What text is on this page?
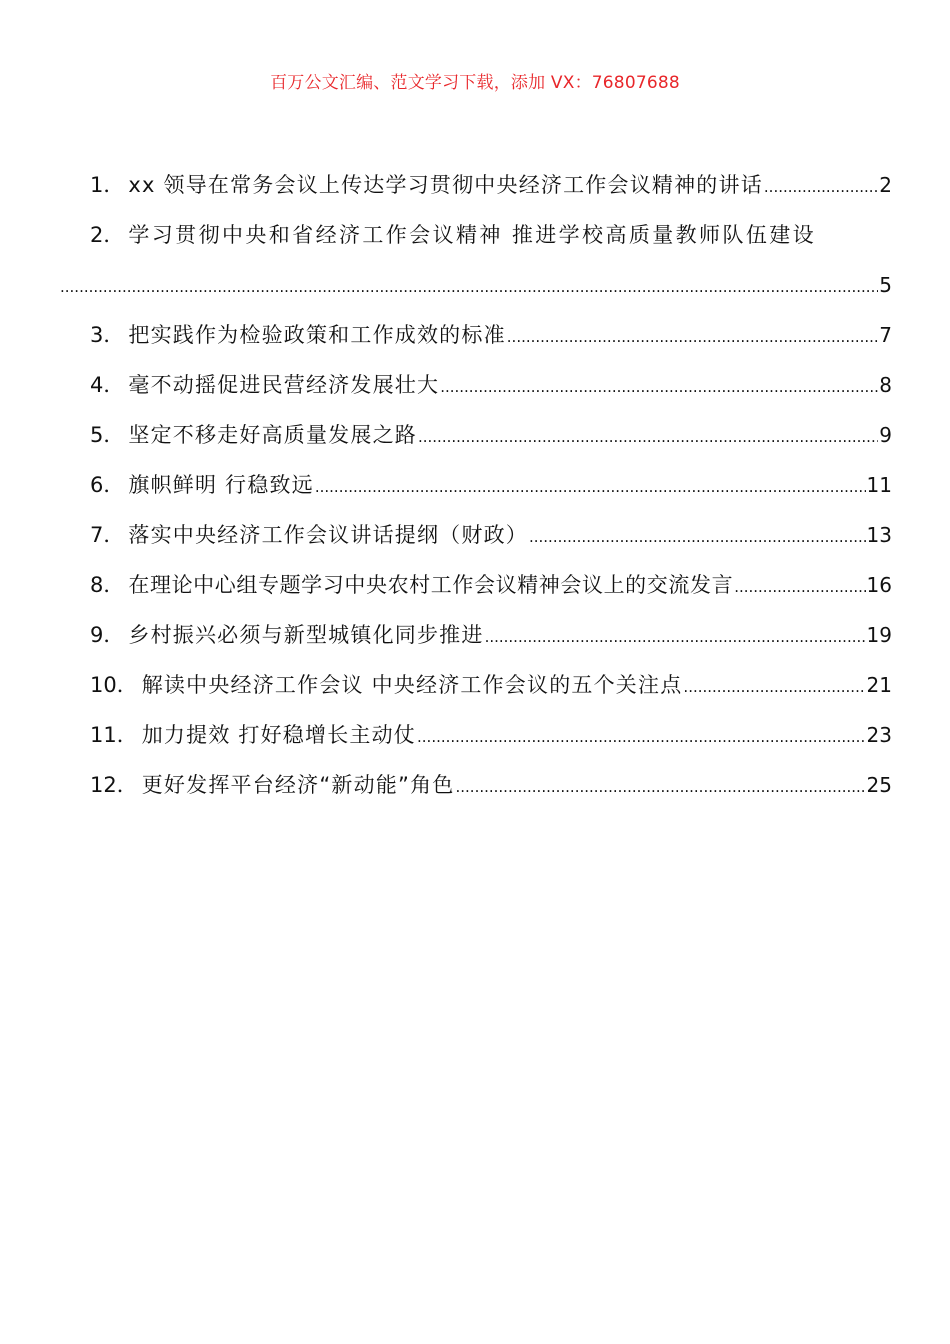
百万公文汇编、范文学习下载，添加 VX：76807688
1． xx 领导在常务会议上传达学习贯彻中央经济工作会议精神的讲话 .....	2
2． 学习贯彻中央和省经济工作会议精神 推进学校高质量教师队伍建设
.....
5
3． 把实践作为检验政策和工作成效的标准 .....	7
4． 毫不动摇促进民营经济发展壮大 .....	8
5． 坚定不移走好高质量发展之路 .....	9
6． 旗帜鲜明 行稳致远 .....	11
7． 落实中央经济工作会议讲话提纲（财政） .....	13
8． 在理论中心组专题学习中央农村工作会议精神会议上的交流发言 .....	16
9． 乡村振兴必须与新型城镇化同步推进 .....	19
10． 解读中央经济工作会议 中央经济工作会议的五个关注点 .....	21
11． 加力提效 打好稳增长主动仗 .....	23
12． 更好发挥平台经济“新动能”角色 .....	25
